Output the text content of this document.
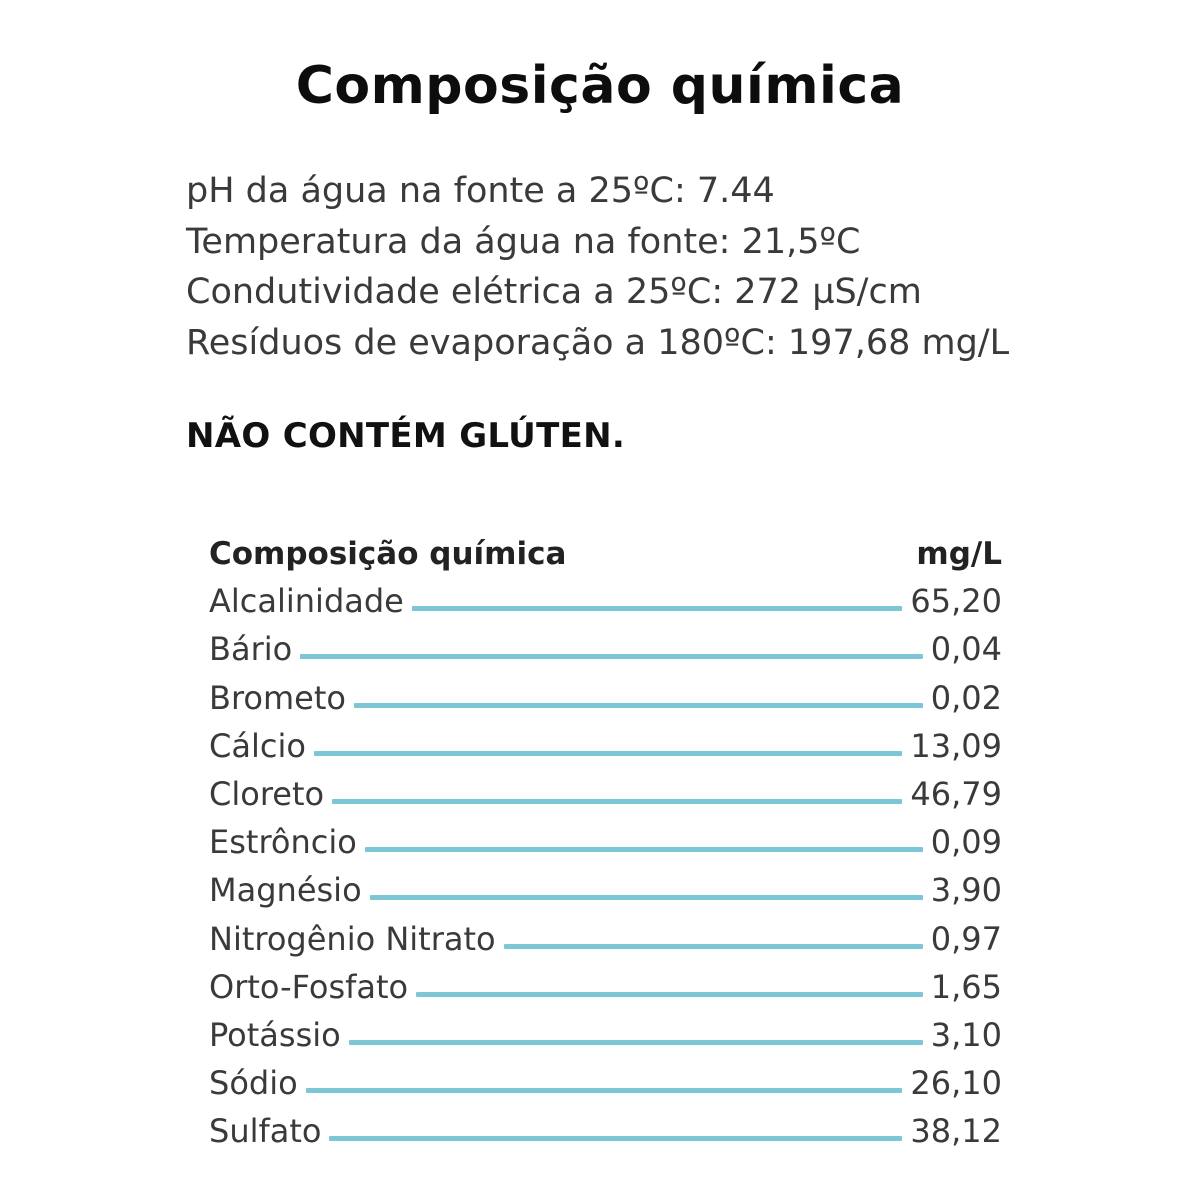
Composição química
pH da água na fonte a 25ºC: 7.44
Temperatura da água na fonte: 21,5ºC
Condutividade elétrica a 25ºC: 272 µS/cm
Resíduos de evaporação a 180ºC: 197,68 mg/L
NÃO CONTÉM GLÚTEN.
Composição química	mg/L
Alcalinidade	65,20
Bário	0,04
Brometo	0,02
Cálcio	13,09
Cloreto	46,79
Estrôncio	0,09
Magnésio	3,90
Nitrogênio Nitrato	0,97
Orto-Fosfato	1,65
Potássio	3,10
Sódio	26,10
Sulfato	38,12
